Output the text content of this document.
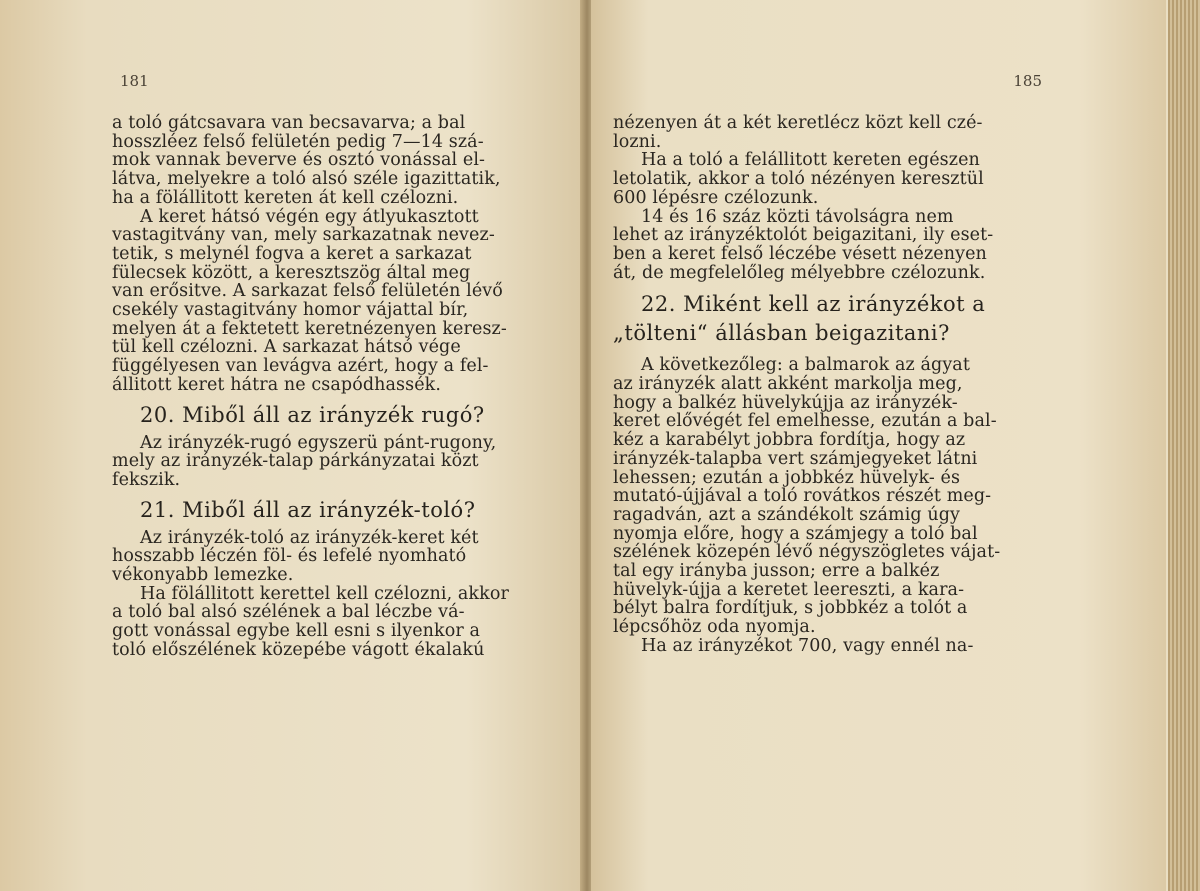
181
a toló gátcsavara van becsavarva; a bal
hosszléez felső felületén pedig 7—14 szá-
mok vannak beverve és osztó vonással el-
látva, melyekre a toló alsó széle igazittatik,
ha a fölállitott kereten át kell czélozni.
A keret hátsó végén egy átlyukasztott
vastagitvány van, mely sarkazatnak nevez-
tetik, s melynél fogva a keret a sarkazat
fülecsek között, a keresztszög által meg
van erősitve. A sarkazat felső felületén lévő
csekély vastagitvány homor vájattal bír,
melyen át a fektetett keretnézenyen keresz-
tül kell czélozni. A sarkazat hátsó vége
függélyesen van levágva azért, hogy a fel-
állitott keret hátra ne csapódhassék.
20. Miből áll az irányzék rugó?
Az irányzék-rugó egyszerü pánt-rugony,
mely az irányzék-talap párkányzatai közt
fekszik.
21. Miből áll az irányzék-toló?
Az irányzék-toló az irányzék-keret két
hosszabb léczén föl- és lefelé nyomható
vékonyabb lemezke.
Ha fölállitott kerettel kell czélozni, akkor
a toló bal alsó szélének a bal léczbe vá-
gott vonással egybe kell esni s ilyenkor a
toló előszélének közepébe vágott ékalakú
185
nézenyen át a két keretlécz közt kell czé-
lozni.
Ha a toló a felállitott kereten egészen
letolatik, akkor a toló nézényen keresztül
600 lépésre czélozunk.
14 és 16 száz közti távolságra nem
lehet az irányzéktolót beigazitani, ily eset-
ben a keret felső léczébe vésett nézenyen
át, de megfelelőleg mélyebbre czélozunk.
22. Miként kell az irányzékot a
„tölteni“ állásban beigazitani?
A következőleg: a balmarok az ágyat
az irányzék alatt akként markolja meg,
hogy a balkéz hüvelykújja az irányzék-
keret elővégét fel emelhesse, ezután a bal-
kéz a karabélyt jobbra fordítja, hogy az
irányzék-talapba vert számjegyeket látni
lehessen; ezután a jobbkéz hüvelyk- és
mutató-újjával a toló rovátkos részét meg-
ragadván, azt a szándékolt számig úgy
nyomja előre, hogy a számjegy a toló bal
szélének közepén lévő négyszögletes vájat-
tal egy irányba jusson; erre a balkéz
hüvelyk-újja a keretet leereszti, a kara-
bélyt balra fordítjuk, s jobbkéz a tolót a
lépcsőhöz oda nyomja.
Ha az irányzékot 700, vagy ennél na-
